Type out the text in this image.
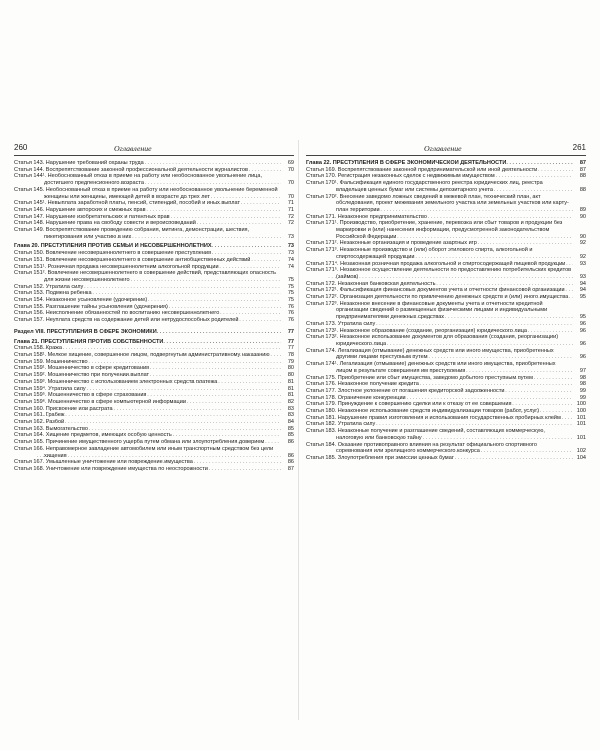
260	Оглавление
Статья 143. Нарушение требований охраны труда . . .	69
Статья 144. Воспрепятствование законной профессиональной деятельности журналистов . . .	70
Статья 144¹. Необоснованный отказ в приеме на работу или необоснованное увольнение лица, достигшего предпенсионного возраста . . .	70
Статья 145. Необоснованный отказ в приеме на работу или необоснованное увольнение беременной женщины или женщины, имеющей детей в возрасте до трех лет . . .	70
Статья 145¹. Невыплата заработной платы, пенсий, стипендий, пособий и иных выплат . . .	71
Статья 146. Нарушение авторских и смежных прав . . .	71
Статья 147. Нарушение изобретательских и патентных прав . . .	72
Статья 148. Нарушение права на свободу совести и вероисповеданий . . .	72
Статья 149. Воспрепятствование проведению собрания, митинга, демонстрации, шествия, пикетирования или участию в них . . .	73
Глава 20. ПРЕСТУПЛЕНИЯ ПРОТИВ СЕМЬИ И НЕСОВЕРШЕННОЛЕТНИХ . . .	73
Статья 150. Вовлечение несовершеннолетнего в совершение преступления . . .	73
Статья 151. Вовлечение несовершеннолетнего в совершение антиобщественных действий . . .	74
Статья 151¹. Розничная продажа несовершеннолетним алкогольной продукции . . .	74
Статья 151². Вовлечение несовершеннолетнего в совершение действий, представляющих опасность для жизни несовершеннолетнего . . .	75
Статья 152. Утратила силу . . .	75
Статья 153. Подмена ребенка . . .	75
Статья 154. Незаконное усыновление (удочерение) . . .	75
Статья 155. Разглашение тайны усыновления (удочерения) . . .	76
Статья 156. Неисполнение обязанностей по воспитанию несовершеннолетнего . . .	76
Статья 157. Неуплата средств на содержание детей или нетрудоспособных родителей . . .	76
Раздел VIII. ПРЕСТУПЛЕНИЯ В СФЕРЕ ЭКОНОМИКИ . . .	77
Глава 21. ПРЕСТУПЛЕНИЯ ПРОТИВ СОБСТВЕННОСТИ . . .	77
Статья 158. Кража . . .	77
Статья 158¹. Мелкое хищение, совершенное лицом, подвергнутым административному наказанию . . .	78
Статья 159. Мошенничество . . .	79
Статья 159¹. Мошенничество в сфере кредитования . . .	80
Статья 159². Мошенничество при получении выплат . . .	80
Статья 159³. Мошенничество с использованием электронных средств платежа . . .	81
Статья 159⁴. Утратила силу . . .	81
Статья 159⁵. Мошенничество в сфере страхования . . .	81
Статья 159⁶. Мошенничество в сфере компьютерной информации . . .	82
Статья 160. Присвоение или растрата . . .	83
Статья 161. Грабеж . . .	83
Статья 162. Разбой . . .	84
Статья 163. Вымогательство . . .	85
Статья 164. Хищение предметов, имеющих особую ценность . . .	85
Статья 165. Причинение имущественного ущерба путем обмана или злоупотребления доверием . . .	86
Статья 166. Неправомерное завладение автомобилем или иным транспортным средством без цели хищения . . .	86
Статья 167. Умышленные уничтожение или повреждение имущества . . .	86
Статья 168. Уничтожение или повреждение имущества по неосторожности . . .	87
Оглавление	261
Глава 22. ПРЕСТУПЛЕНИЯ В СФЕРЕ ЭКОНОМИЧЕСКОЙ ДЕЯТЕЛЬНОСТИ . . .	87
Статья 169. Воспрепятствование законной предпринимательской или иной деятельности . . .	87
Статья 170. Регистрация незаконных сделок с недвижимым имуществом . . .	88
Статья 170¹. Фальсификация единого государственного реестра юридических лиц, реестра владельцев ценных бумаг или системы депозитарного учета . . .	88
Статья 170². Внесение заведомо ложных сведений в межевой план, технический план, акт обследования, проект межевания земельного участка или земельных участков или карту-план территории . . .	89
Статья 171. Незаконное предпринимательство . . .	90
Статья 171¹. Производство, приобретение, хранение, перевозка или сбыт товаров и продукции без маркировки и (или) нанесения информации, предусмотренной законодательством Российской Федерации . . .	90
Статья 171². Незаконные организация и проведение азартных игр . . .	92
Статья 171³. Незаконные производство и (или) оборот этилового спирта, алкогольной и спиртосодержащей продукции . . .	92
Статья 171⁴. Незаконная розничная продажа алкогольной и спиртосодержащей пищевой продукции . . .	93
Статья 171⁵. Незаконное осуществление деятельности по предоставлению потребительских кредитов (займов) . . .	93
Статья 172. Незаконная банковская деятельность . . .	94
Статья 172¹. Фальсификация финансовых документов учета и отчетности финансовой организации . . .	94
Статья 172². Организация деятельности по привлечению денежных средств и (или) иного имущества . . .	95
Статья 172³. Незаконное внесение в финансовые документы учета и отчетности кредитной организации сведений о размещенных физическими лицами и индивидуальными предпринимателями денежных средствах . . .	95
Статья 173. Утратила силу . . .	96
Статья 173¹. Незаконное образование (создание, реорганизация) юридического лица . . .	96
Статья 173². Незаконное использование документов для образования (создания, реорганизации) юридического лица . . .	96
Статья 174. Легализация (отмывание) денежных средств или иного имущества, приобретенных другими лицами преступным путем . . .	96
Статья 174¹. Легализация (отмывание) денежных средств или иного имущества, приобретенных лицом в результате совершения им преступления . . .	97
Статья 175. Приобретение или сбыт имущества, заведомо добытого преступным путем . . .	98
Статья 176. Незаконное получение кредита . . .	98
Статья 177. Злостное уклонение от погашения кредиторской задолженности . . .	99
Статья 178. Ограничение конкуренции . . .	99
Статья 179. Принуждение к совершению сделки или к отказу от ее совершения . . .	100
Статья 180. Незаконное использование средств индивидуализации товаров (работ, услуг) . . .	100
Статья 181. Нарушение правил изготовления и использования государственных пробирных клейм . . .	101
Статья 182. Утратила силу . . .	101
Статья 183. Незаконные получение и разглашение сведений, составляющих коммерческую, налоговую или банковскую тайну . . .	101
Статья 184. Оказание противоправного влияния на результат официального спортивного соревнования или зрелищного коммерческого конкурса . . .	102
Статья 185. Злоупотребления при эмиссии ценных бумаг . . .	104
